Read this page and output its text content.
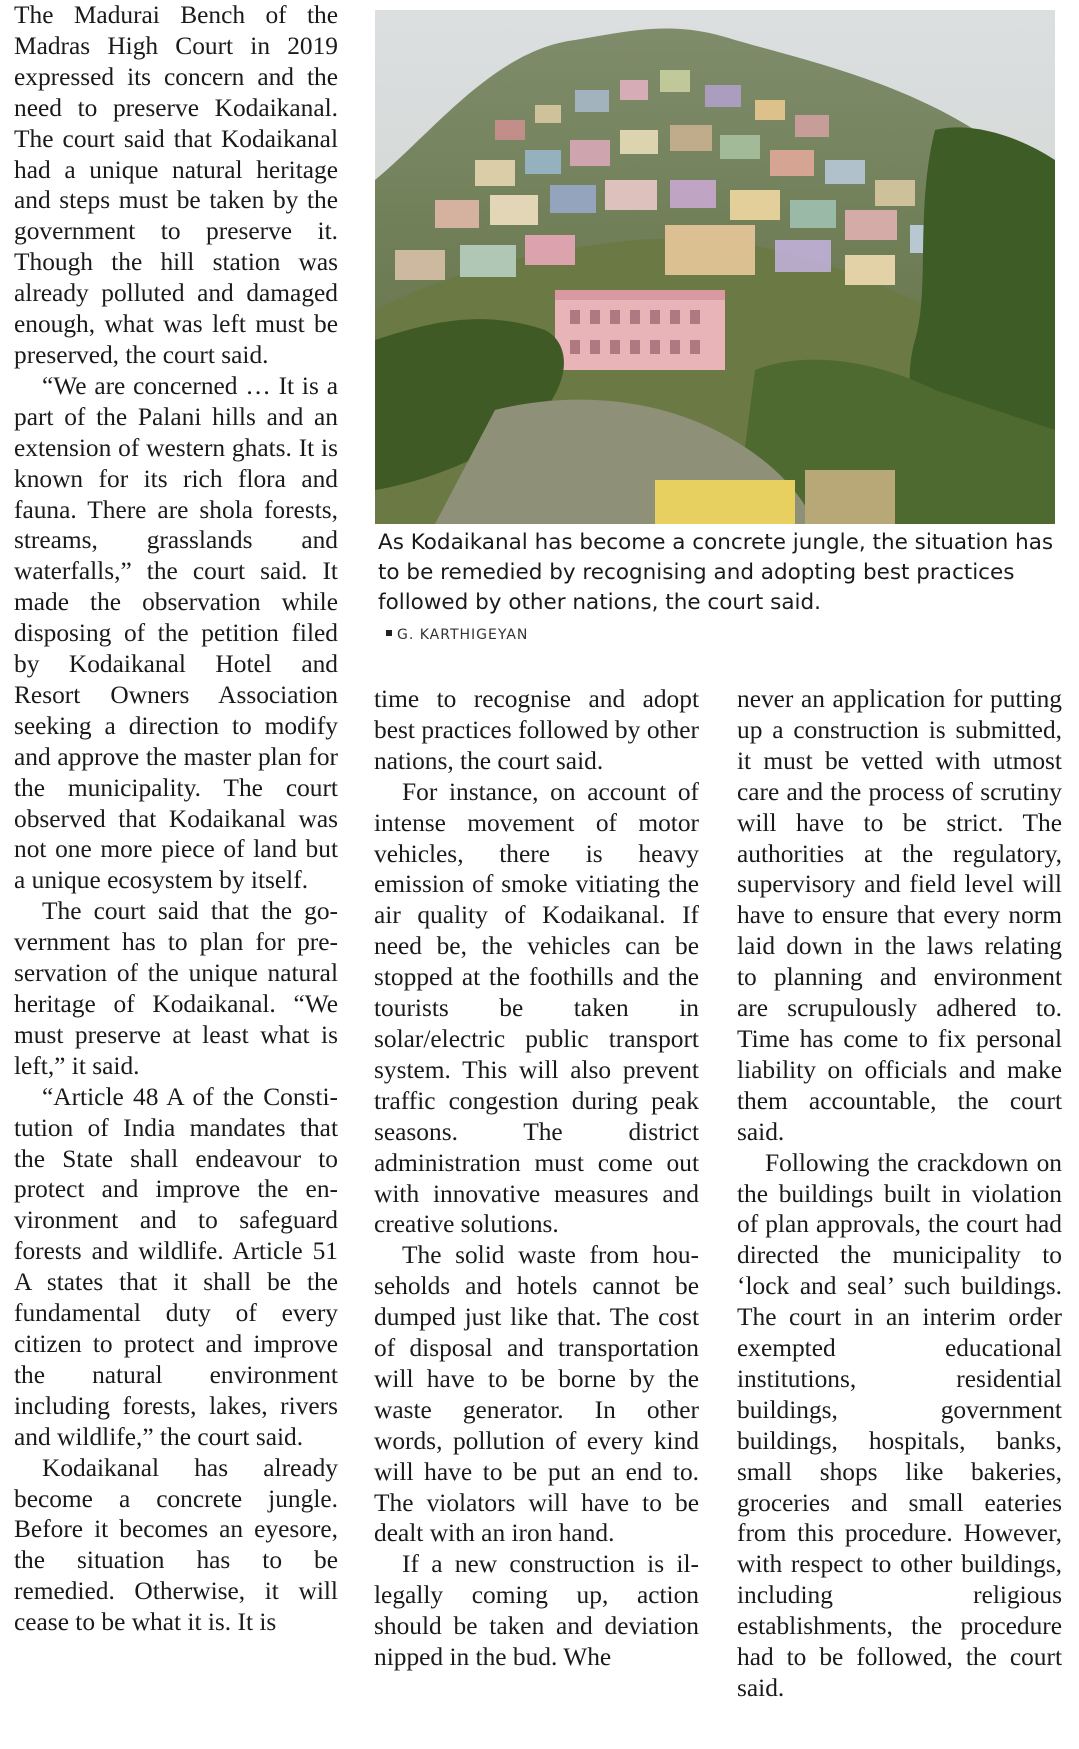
The Madurai Bench of the Madras High Court in 2019 expressed its concern and the need to preserve Kodaikanal. The court said that Kodaikanal had a unique natural heritage and steps must be taken by the government to preserve it. Though the hill station was already polluted and damaged enough, what was left must be preserved, the court said.

“We are concerned … It is a part of the Palani hills and an extension of western ghats. It is known for its rich flora and fauna. There are shola forests, streams, grasslands and waterfalls,” the court said. It made the observation while disposing of the petition filed by Kodaikanal Hotel and Resort Owners Association seeking a direction to modify and approve the master plan for the municipality. The court observed that Kodaikanal was not one more piece of land but a unique ecosystem by itself.

The court said that the government has to plan for preservation of the unique natural heritage of Kodaikanal. “We must preserve at least what is left,” it said.

“Article 48 A of the Constitution of India mandates that the State shall endeavour to protect and improve the environment and to safeguard forests and wildlife. Article 51 A states that it shall be the fundamental duty of every citizen to protect and improve the natural environment including forests, lakes, rivers and wildlife,” the court said.

Kodaikanal has already become a concrete jungle. Before it becomes an eyesore, the situation has to be remedied. Otherwise, it will cease to be what it is. It is

As Kodaikanal has become a concrete jungle, the situation has to be remedied by recognising and adopting best practices followed by other nations, the court said.
G. KARTHIGEYAN

time to recognise and adopt best practices followed by other nations, the court said.

For instance, on account of intense movement of motor vehicles, there is heavy emission of smoke vitiating the air quality of Kodaikanal. If need be, the vehicles can be stopped at the foothills and the tourists be taken in solar/electric public transport system. This will also prevent traffic congestion during peak seasons. The district administration must come out with innovative measures and creative solutions.

The solid waste from households and hotels cannot be dumped just like that. The cost of disposal and transportation will have to be borne by the waste generator. In other words, pollution of every kind will have to be put an end to. The violators will have to be dealt with an iron hand.

If a new construction is illegally coming up, action should be taken and deviation nipped in the bud. Whe

never an application for putting up a construction is submitted, it must be vetted with utmost care and the process of scrutiny will have to be strict. The authorities at the regulatory, supervisory and field level will have to ensure that every norm laid down in the laws relating to planning and environment are scrupulously adhered to. Time has come to fix personal liability on officials and make them accountable, the court said.

Following the crackdown on the buildings built in violation of plan approvals, the court had directed the municipality to ‘lock and seal’ such buildings. The court in an interim order exempted educational institutions, residential buildings, government buildings, hospitals, banks, small shops like bakeries, groceries and small eateries from this procedure. However, with respect to other buildings, including religious establishments, the procedure had to be followed, the court said.
